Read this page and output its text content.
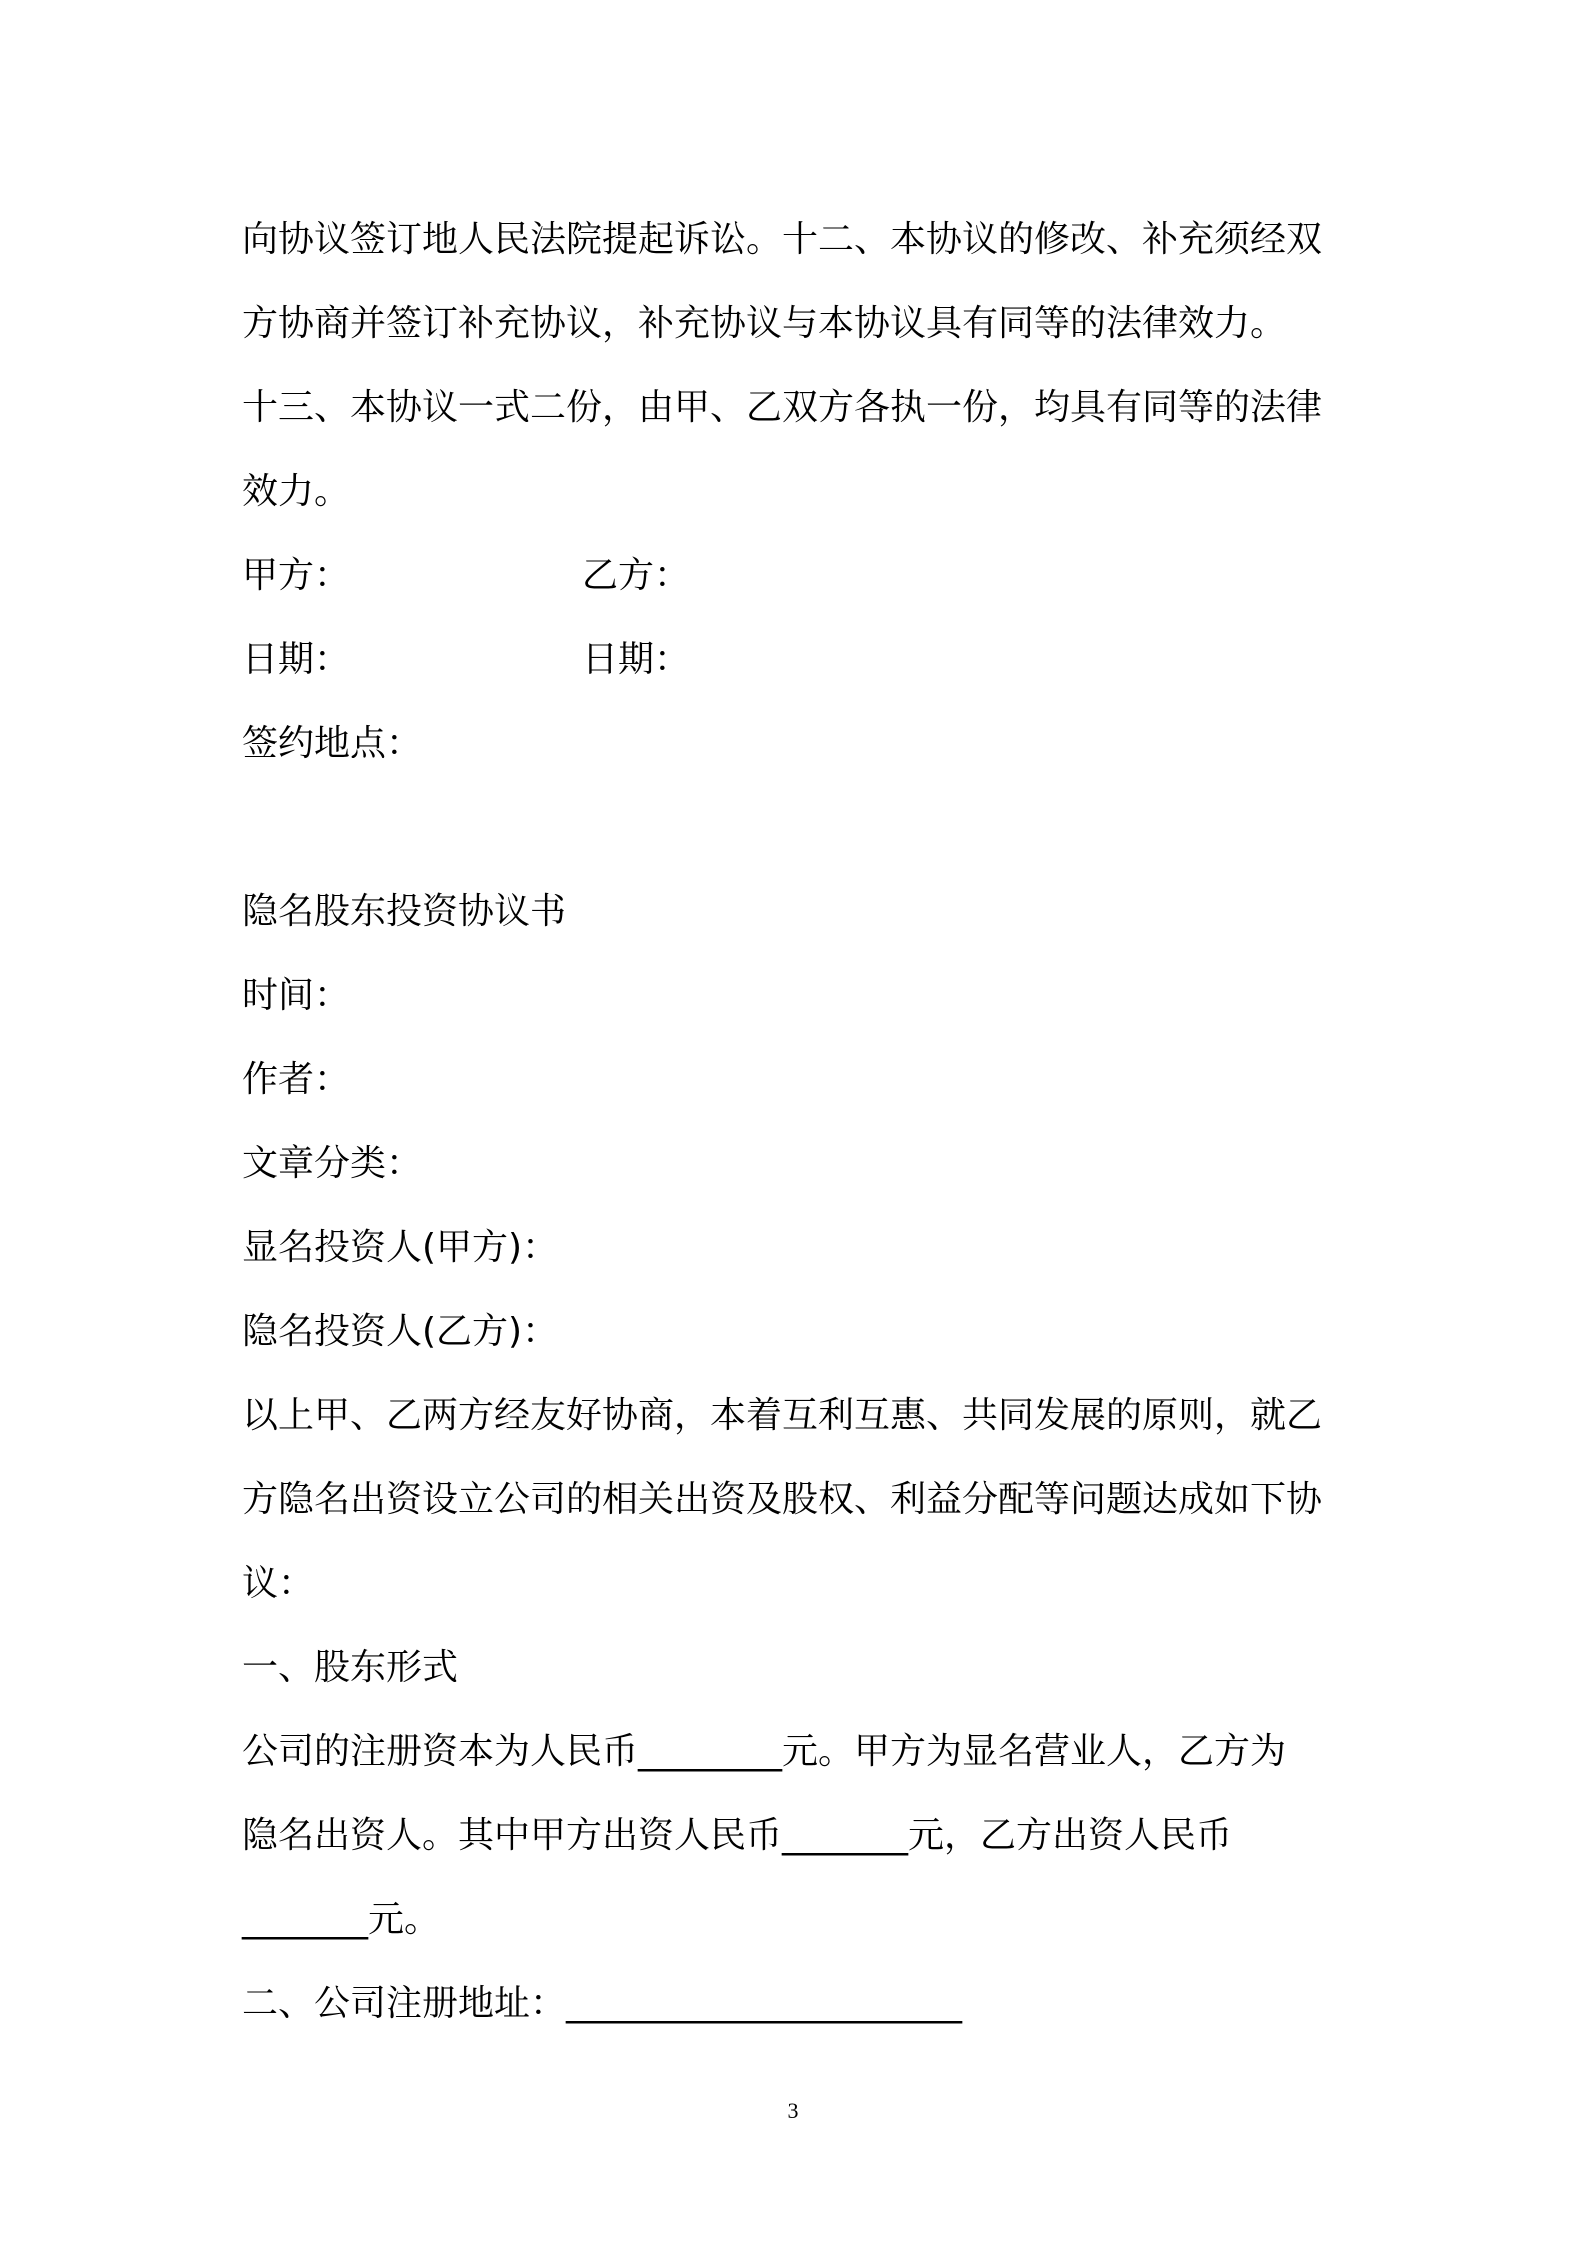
向协议签订地人民法院提起诉讼。十二、本协议的修改、补充须经双
方协商并签订补充协议，补充协议与本协议具有同等的法律效力。
十三、本协议一式二份，由甲、乙双方各执一份，均具有同等的法律
效力。
甲方：	乙方：
日期：	日期：
签约地点：
隐名股东投资协议书
时间：
作者：
文章分类：
显名投资人(甲方)：
隐名投资人(乙方)：
以上甲、乙两方经友好协商，本着互利互惠、共同发展的原则，就乙
方隐名出资设立公司的相关出资及股权、利益分配等问题达成如下协
议：
一、股东形式
公司的注册资本为人民币________元。甲方为显名营业人，乙方为
隐名出资人。其中甲方出资人民币_______元，乙方出资人民币
_______元。
二、公司注册地址：______________________
3
